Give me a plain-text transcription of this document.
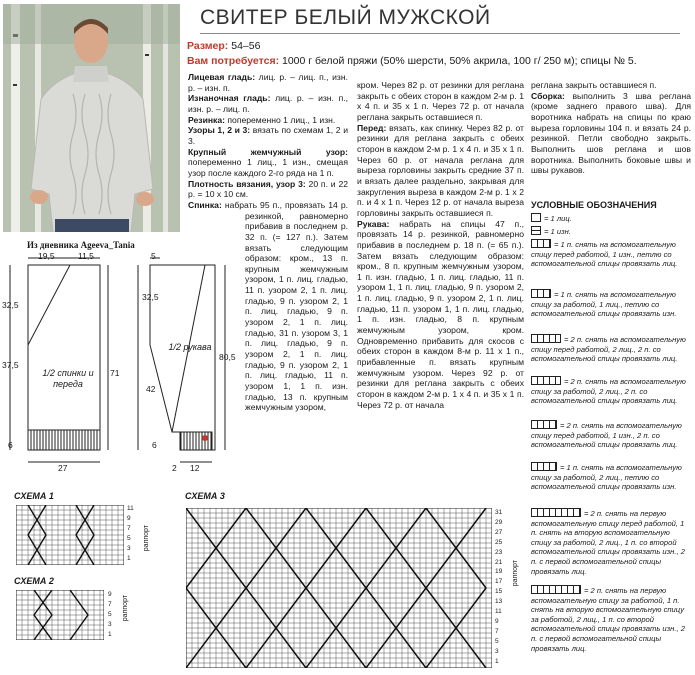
СВИТЕР БЕЛЫЙ МУЖСКОЙ
Размер: 54–56
Вам потребуется: 1000 г белой пряжи (50% шерсти, 50% акрила, 100 г/ 250 м); спицы № 5.

Лицевая гладь: лиц. р. – лиц. п., изн. р. – изн. п.

Изнаночная гладь: лиц. р. – изн. п., изн. р. – лиц. п.

Резинка: попеременно 1 лиц., 1 изн.

Узоры 1, 2 и 3: вязать по схемам 1, 2 и 3.

Крупный жемчужный узор: попеременно 1 лиц., 1 изн., смещая узор после каждого 2-го ряда на 1 п.

Плотность вязания, узор 3: 20 п. и 22 р. = 10 х 10 см.

Спинка: набрать 95 п., провязать 14 р. резинкой, равномерно прибавив в последнем р. 32 п. (= 127 п.). Затем вязать следующим образом: кром., 13 п. крупным жемчужным узором, 1 п. лиц. гладью, 11 п. узором 2, 1 п. лиц. гладью, 9 п. узором 2, 1 п. лиц. гладью, 9 п. узором 2, 1 п. лиц. гладью, 31 п. узором 3, 1 п. лиц. гладью, 9 п. узором 2, 1 п. лиц. гладью, 9 п. узором 2, 1 п. лиц. гладью, 11 п. узором 1, 1 п. изн. гладью, 13 п. крупным жемчужным узором,

кром. Через 82 р. от резинки для реглана закрыть с обеих сторон в каждом 2-м р. 1 х 4 п. и 35 х 1 п. Через 72 р. от начала реглана закрыть оставшиеся п.

Перед: вязать, как спинку. Через 82 р. от резинки для реглана закрыть с обеих сторон в каждом 2-м р. 1 х 4 п. и 35 х 1 п. Через 60 р. от начала реглана для выреза горловины закрыть средние 37 п. и вязать далее раздельно, закрывая для закругления выреза в каждом 2-м р. 1 х 2 п. и 4 х 1 п. Через 12 р. от начала выреза горловины закрыть оставшиеся п.

Рукава: набрать на спицы 47 п., провязать 14 р. резинкой, равномерно прибавив в последнем р. 18 п. (= 65 п.). Затем вязать следующим образом: кром., 8 п. крупным жемчужным узором, 1 п. изн. гладью, 1 п. лиц. гладью, 11 п. узором 1, 1 п. лиц. гладью, 9 п. узором 2, 1 п. лиц. гладью, 9 п. узором 2, 1 п. лиц. гладью, 11 п. узором 1, 1 п. лиц. гладью, 1 п. изн. гладью, 8 п. крупным жемчужным узором, кром. Одновременно прибавить для скосов с обеих сторон в каждом 8-м р. 11 х 1 п., прибавленные п. вязать крупным жемчужным узором. Через 92 р. от резинки для реглана закрыть с обеих сторон в каждом 2-м р. 1 х 4 п. и 35 х 1 п. Через 72 р. от начала

реглана закрыть оставшиеся п.

Сборка: выполнить 3 шва реглана (кроме заднего правого шва). Для воротника набрать на спицы по краю выреза горловины 104 п. и вязать 24 р. резинкой. Петли свободно закрыть. Выполнить шов реглана и шов воротника. Выполнить боковые швы и швы рукавов.

Из дневника Ageeva_Tania
УСЛОВНЫЕ ОБОЗНАЧЕНИЯ
= 1 лиц.
= 1 изн.
= 1 п. снять на вспомогательную спицу перед работой, 1 изн., петлю со вспомогательной спицы провязать лиц.
= 1 п. снять на вспомогательную спицу за работой, 1 лиц., петлю со вспомогательной спицы провязать изн.
= 2 п. снять на вспомогательную спицу перед работой, 2 лиц., 2 п. со вспомогательной спицы провязать лиц.
= 2 п. снять на вспомогательную спицу за работой, 2 лиц., 2 п. со вспомогательной спицы провязать лиц.
= 2 п. снять на вспомогательную спицу перед работой, 1 изн., 2 п. со вспомогательной спицы провязать лиц.
= 1 п. снять на вспомогательную спицу за работой, 2 лиц., петлю со вспомогательной спицы провязать изн.
= 2 п. снять на первую вспомогательную спицу перед работой, 1 п. снять на вторую вспомогательную спицу за работой, 2 лиц., 1 п. со второй вспомогательной спицы провязать изн., 2 п. с первой вспомогательной спицы провязать лиц.
= 2 п. снять на первую вспомогательную спицу за работой, 1 п. снять на вторую вспомогательную спицу за работой, 2 лиц., 1 п. со второй вспомогательной спицы провязать изн., 2 п. с первой вспомогательной спицы провязать лиц.
1/2 спинки и переда
1/2 рукава
19,5	11,5
32,5
37,5
6
27
71
5
32,5
42
6
80,5
2 12
СХЕМА 1
СХЕМА 2
СХЕМА 3
11
9
7
5
3
1
раппорт
9
7
5
3
1
раппорт
31
29
27
25
23
21
19
17
15
13
11
9
7
5
3
1
раппорт
